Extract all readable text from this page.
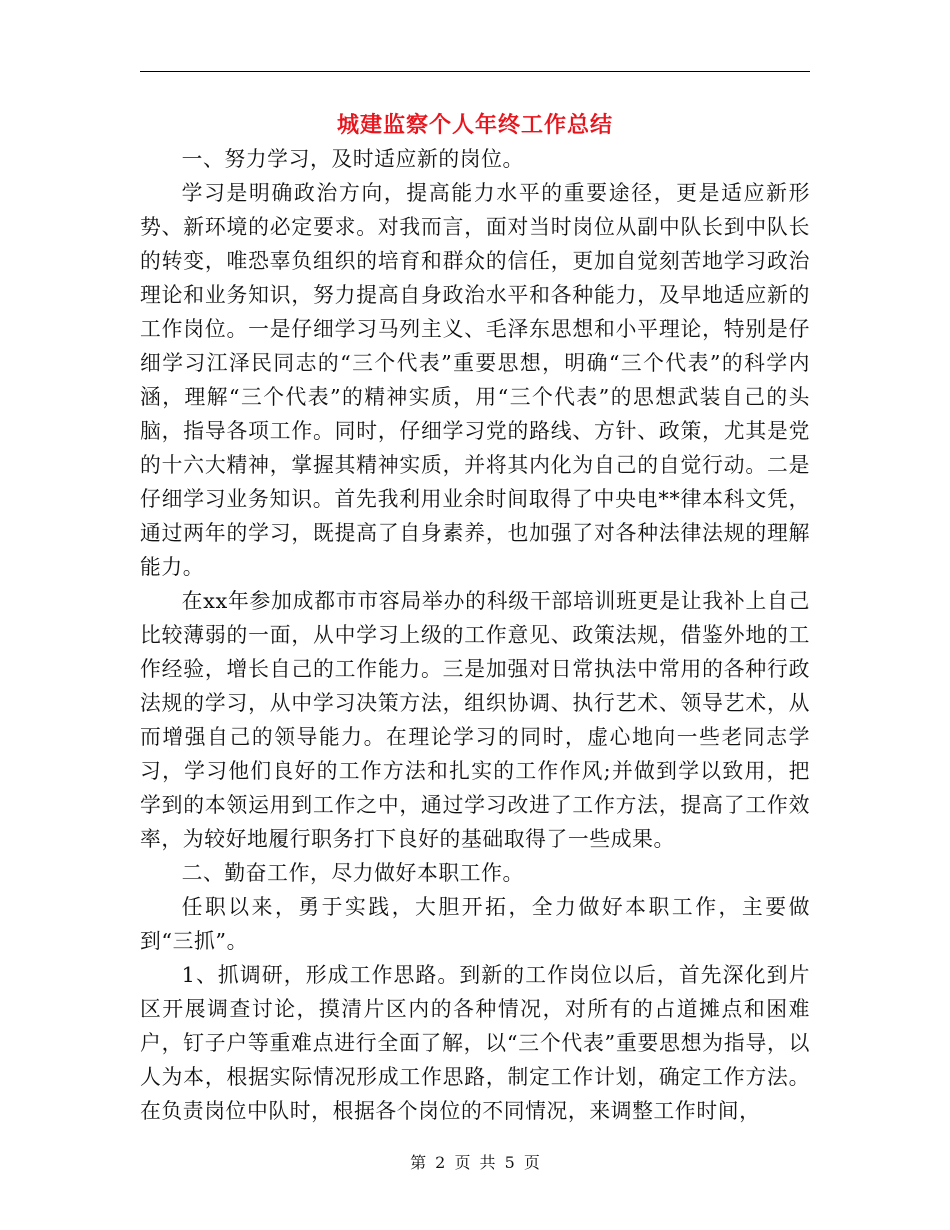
城建监察个人年终工作总结

一、努力学习，及时适应新的岗位。

学习是明确政治方向，提高能力水平的重要途径，更是适应新形势、新环境的必定要求。对我而言，面对当时岗位从副中队长到中队长的转变，唯恐辜负组织的培育和群众的信任，更加自觉刻苦地学习政治理论和业务知识，努力提高自身政治水平和各种能力，及早地适应新的工作岗位。一是仔细学习马列主义、毛泽东思想和小平理论，特别是仔细学习江泽民同志的“三个代表”重要思想，明确“三个代表”的科学内涵，理解“三个代表”的精神实质，用“三个代表”的思想武装自己的头脑，指导各项工作。同时，仔细学习党的路线、方针、政策，尤其是党的十六大精神，掌握其精神实质，并将其内化为自己的自觉行动。二是仔细学习业务知识。首先我利用业余时间取得了中央电**律本科文凭，通过两年的学习，既提高了自身素养，也加强了对各种法律法规的理解能力。

在xx年参加成都市市容局举办的科级干部培训班更是让我补上自己比较薄弱的一面，从中学习上级的工作意见、政策法规，借鉴外地的工作经验，增长自己的工作能力。三是加强对日常执法中常用的各种行政法规的学习，从中学习决策方法，组织协调、执行艺术、领导艺术，从而增强自己的领导能力。在理论学习的同时，虚心地向一些老同志学习，学习他们良好的工作方法和扎实的工作作风;并做到学以致用，把学到的本领运用到工作之中，通过学习改进了工作方法，提高了工作效率，为较好地履行职务打下良好的基础取得了一些成果。

二、勤奋工作，尽力做好本职工作。

任职以来，勇于实践，大胆开拓，全力做好本职工作，主要做到“三抓”。

1、抓调研，形成工作思路。到新的工作岗位以后，首先深化到片区开展调查讨论，摸清片区内的各种情况，对所有的占道摊点和困难户，钉子户等重难点进行全面了解，以“三个代表”重要思想为指导，以人为本，根据实际情况形成工作思路，制定工作计划，确定工作方法。在负责岗位中队时，根据各个岗位的不同情况，来调整工作时间，

第 2 页 共 5 页
